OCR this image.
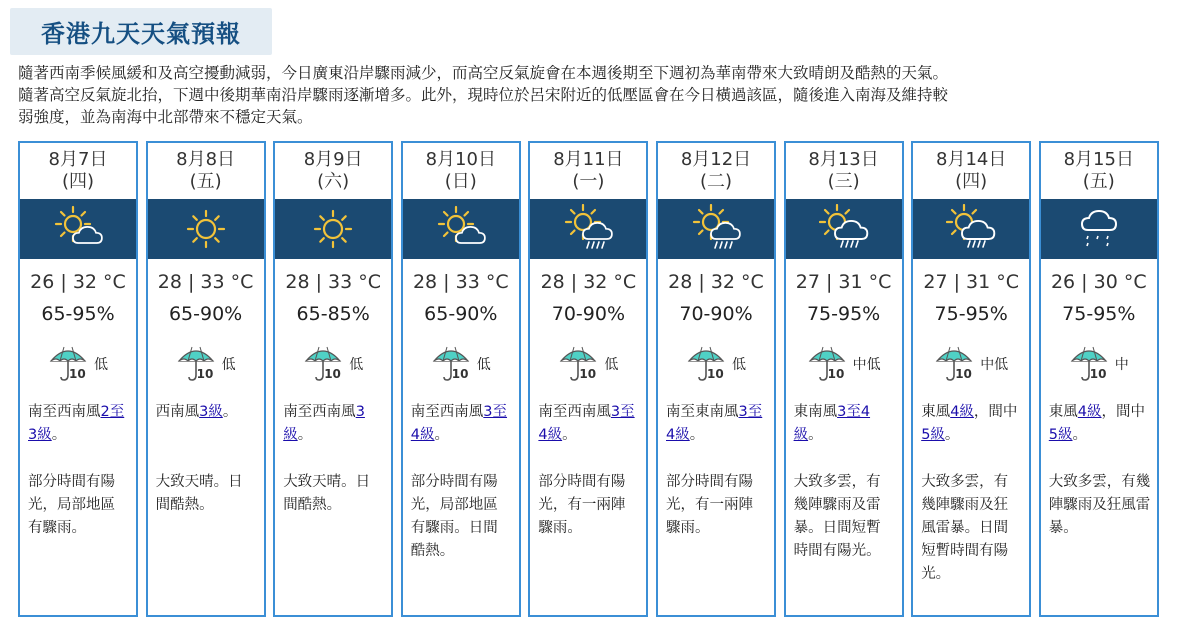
香港九天天氣預報
隨著西南季候風緩和及高空擾動減弱，今日廣東沿岸驟雨減少，而高空反氣旋會在本週後期至下週初為華南帶來大致晴朗及酷熱的天氣。
隨著高空反氣旋北抬，下週中後期華南沿岸驟雨逐漸增多。此外，現時位於呂宋附近的低壓區會在今日橫過該區，隨後進入南海及維持較
弱強度，並為南海中北部帶來不穩定天氣。
8月7日
(四)
26 | 32 °C
65-95%
10
低
南至西南風2至3級。
部分時間有陽
光，局部地區
有驟雨。
8月8日
(五)
28 | 33 °C
65-90%
10
低
西南風3級。
大致天晴。日
間酷熱。
8月9日
(六)
28 | 33 °C
65-85%
10
低
南至西南風3級。
大致天晴。日
間酷熱。
8月10日
(日)
28 | 33 °C
65-90%
10
低
南至西南風3至4級。
部分時間有陽
光，局部地區
有驟雨。日間
酷熱。
8月11日
(一)
28 | 32 °C
70-90%
10
低
南至西南風3至4級。
部分時間有陽
光，有一兩陣
驟雨。
8月12日
(二)
28 | 32 °C
70-90%
10
低
南至東南風3至4級。
部分時間有陽
光，有一兩陣
驟雨。
8月13日
(三)
27 | 31 °C
75-95%
10
中低
東南風3至4級。
大致多雲，有
幾陣驟雨及雷
暴。日間短暫
時間有陽光。
8月14日
(四)
27 | 31 °C
75-95%
10
中低
東風4級，間中5級。
大致多雲，有
幾陣驟雨及狂
風雷暴。日間
短暫時間有陽
光。
8月15日
(五)
26 | 30 °C
75-95%
10
中
東風4級，間中5級。
大致多雲，有幾
陣驟雨及狂風雷
暴。
